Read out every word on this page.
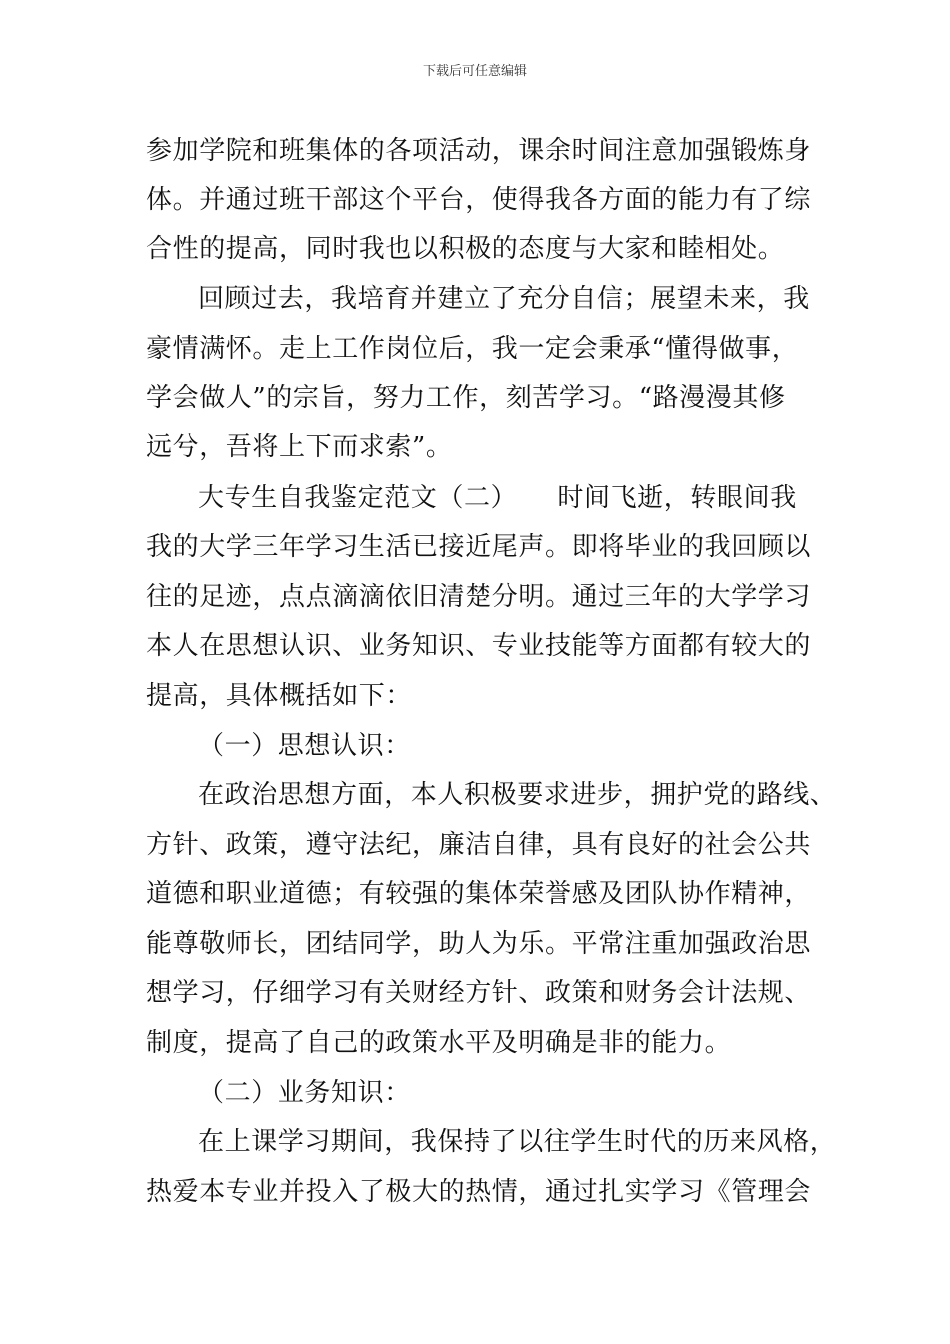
下载后可任意编辑
参加学院和班集体的各项活动，课余时间注意加强锻炼身
体。并通过班干部这个平台，使得我各方面的能力有了综
合性的提高，同时我也以积极的态度与大家和睦相处。
回顾过去，我培育并建立了充分自信；展望未来，我
豪情满怀。走上工作岗位后，我一定会秉承“懂得做事，
学会做人”的宗旨，努力工作，刻苦学习。“路漫漫其修
远兮，吾将上下而求索”。
大专生自我鉴定范文（二）　　时间飞逝，转眼间我
我的大学三年学习生活已接近尾声。即将毕业的我回顾以
往的足迹，点点滴滴依旧清楚分明。通过三年的大学学习
本人在思想认识、业务知识、专业技能等方面都有较大的
提高，具体概括如下：
（一）思想认识：
在政治思想方面，本人积极要求进步，拥护党的路线、
方针、政策，遵守法纪，廉洁自律，具有良好的社会公共
道德和职业道德；有较强的集体荣誉感及团队协作精神，
能尊敬师长，团结同学，助人为乐。平常注重加强政治思
想学习，仔细学习有关财经方针、政策和财务会计法规、
制度，提高了自己的政策水平及明确是非的能力。
（二）业务知识：
在上课学习期间，我保持了以往学生时代的历来风格，
热爱本专业并投入了极大的热情，通过扎实学习《管理会
